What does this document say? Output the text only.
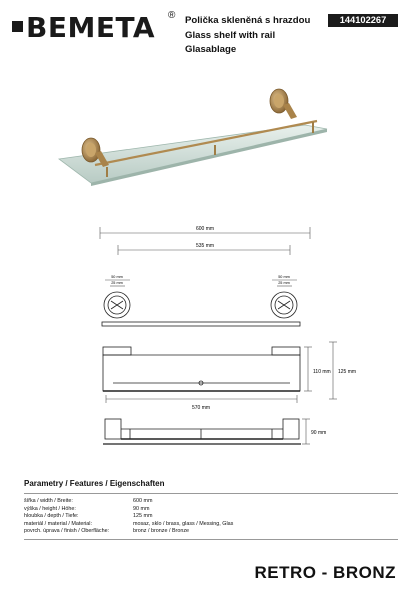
BEMETA ® Polička skleněná s hrazdou
Glass shelf with rail
Glasablage
144102267
600 mm
535 mm
50 mm
25 mm
50 mm
25 mm
110 mm 125 mm
570 mm
90 mm
Parametry / Features / Eigenschaften
šířka / width / Breite:	600 mm
výška / height / Höhe:	90 mm
hloubka / depth / Tiefe:	125 mm
materiál / material / Material:	mosaz, sklo / brass, glass / Messing, Glas
povrch. úprava / finish / Oberfläche:	bronz / bronze / Bronze
RETRO - BRONZ
